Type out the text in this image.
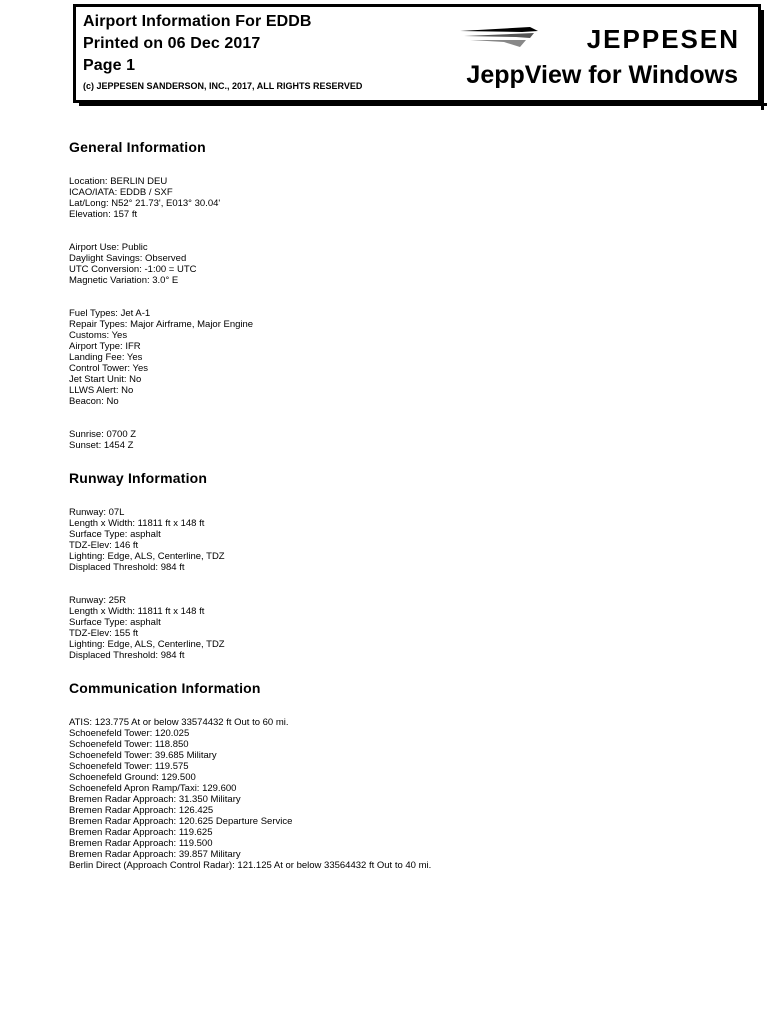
Airport Information For EDDB
Printed on 06 Dec 2017
Page 1
(c) JEPPESEN SANDERSON, INC., 2017, ALL RIGHTS RESERVED
JEPPESEN
JeppView for Windows
General Information
Location: BERLIN DEU
ICAO/IATA: EDDB / SXF
Lat/Long: N52° 21.73', E013° 30.04'
Elevation: 157 ft
Airport Use: Public
Daylight Savings: Observed
UTC Conversion: -1:00 = UTC
Magnetic Variation: 3.0° E
Fuel Types: Jet A-1
Repair Types: Major Airframe, Major Engine
Customs: Yes
Airport Type: IFR
Landing Fee: Yes
Control Tower: Yes
Jet Start Unit: No
LLWS Alert: No
Beacon: No
Sunrise: 0700 Z
Sunset: 1454 Z
Runway Information
Runway: 07L
Length x Width: 11811 ft x 148 ft
Surface Type: asphalt
TDZ-Elev: 146 ft
Lighting: Edge, ALS, Centerline, TDZ
Displaced Threshold: 984 ft
Runway: 25R
Length x Width: 11811 ft x 148 ft
Surface Type: asphalt
TDZ-Elev: 155 ft
Lighting: Edge, ALS, Centerline, TDZ
Displaced Threshold: 984 ft
Communication Information
ATIS: 123.775 At or below 33574432 ft Out to 60 mi.
Schoenefeld Tower: 120.025
Schoenefeld Tower: 118.850
Schoenefeld Tower: 39.685 Military
Schoenefeld Tower: 119.575
Schoenefeld Ground: 129.500
Schoenefeld Apron Ramp/Taxi: 129.600
Bremen Radar Approach: 31.350 Military
Bremen Radar Approach: 126.425
Bremen Radar Approach: 120.625 Departure Service
Bremen Radar Approach: 119.625
Bremen Radar Approach: 119.500
Bremen Radar Approach: 39.857 Military
Berlin Direct (Approach Control Radar): 121.125 At or below 33564432 ft Out to 40 mi.
